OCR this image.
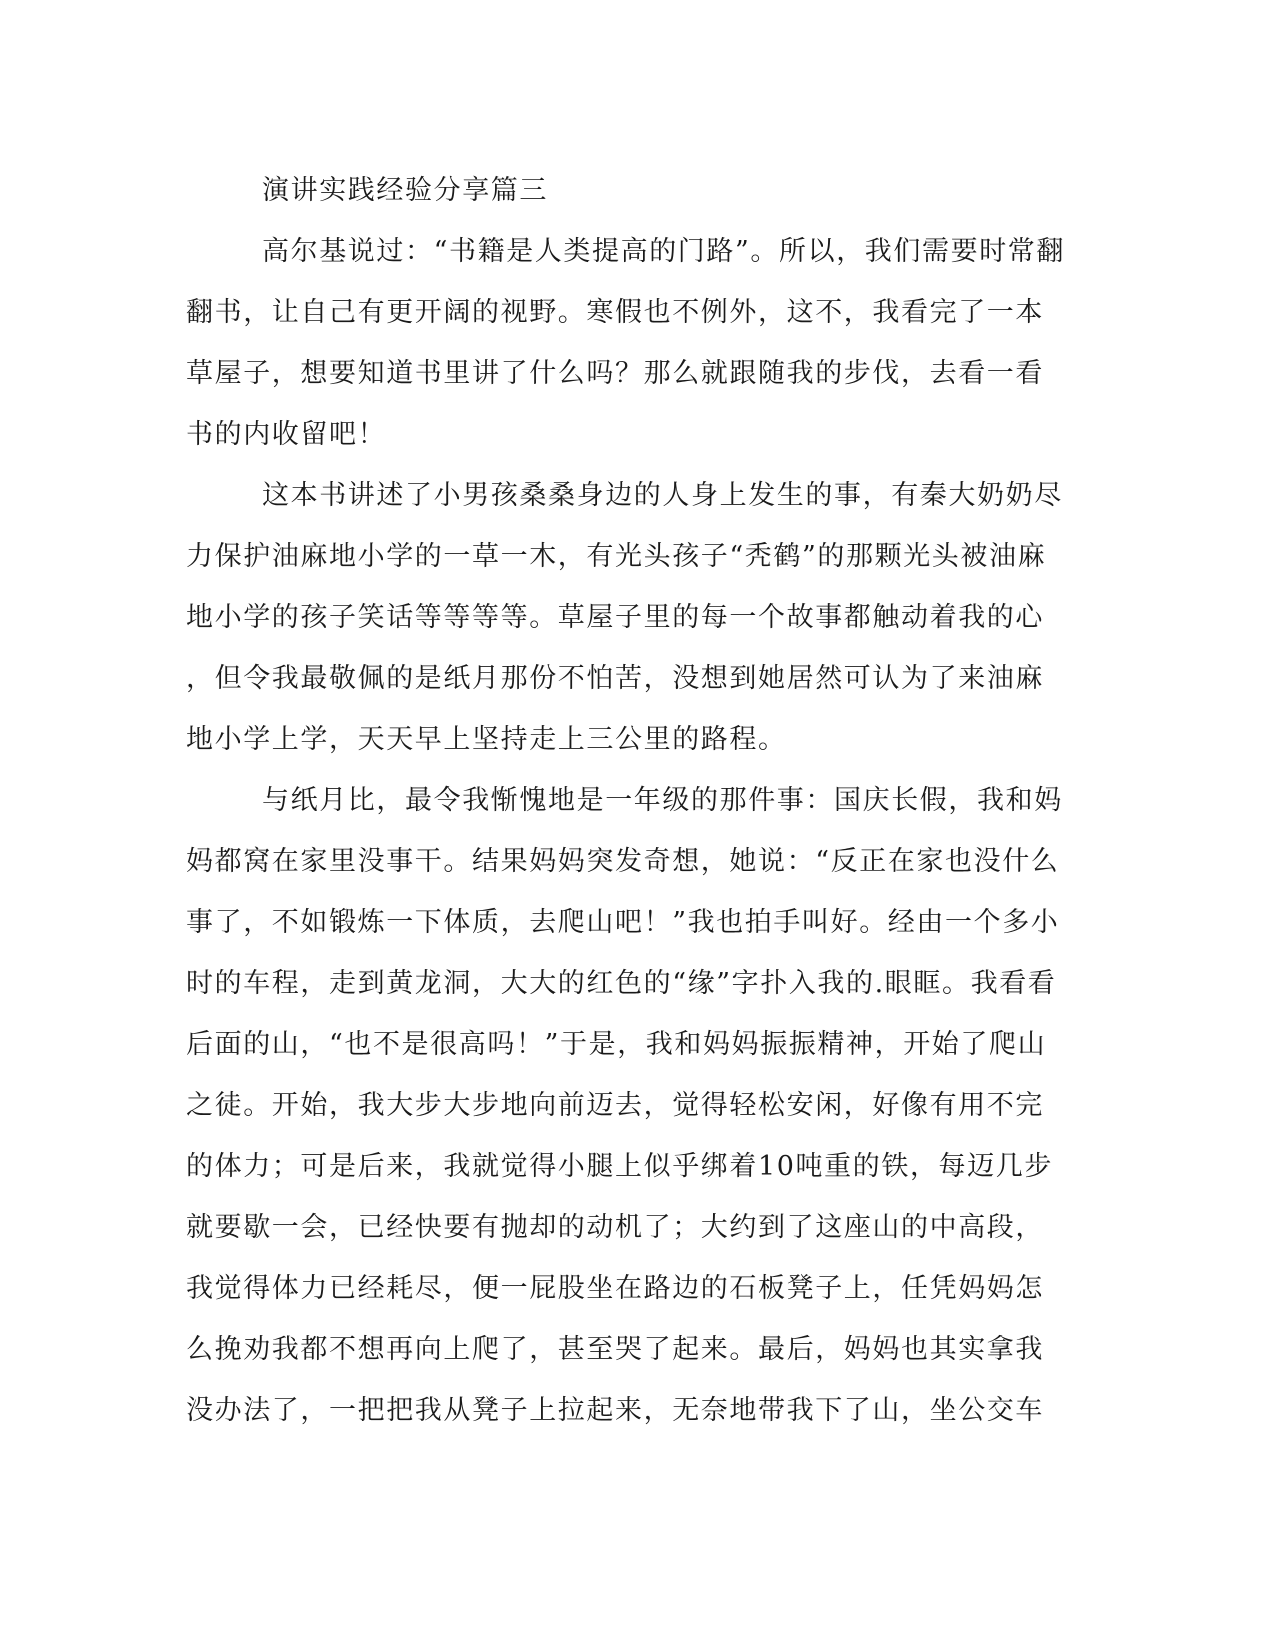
演讲实践经验分享篇三
高尔基说过：“书籍是人类提高的门路”。所以，我们需要时常翻
翻书，让自己有更开阔的视野。寒假也不例外，这不，我看完了一本
草屋子，想要知道书里讲了什么吗？那么就跟随我的步伐，去看一看
书的内收留吧！
这本书讲述了小男孩桑桑身边的人身上发生的事，有秦大奶奶尽
力保护油麻地小学的一草一木，有光头孩子“秃鹤”的那颗光头被油麻
地小学的孩子笑话等等等等。草屋子里的每一个故事都触动着我的心
，但令我最敬佩的是纸月那份不怕苦，没想到她居然可认为了来油麻
地小学上学，天天早上坚持走上三公里的路程。
与纸月比，最令我惭愧地是一年级的那件事：国庆长假，我和妈
妈都窝在家里没事干。结果妈妈突发奇想，她说：“反正在家也没什么
事了，不如锻炼一下体质，去爬山吧！”我也拍手叫好。经由一个多小
时的车程，走到黄龙洞，大大的红色的“缘”字扑入我的.眼眶。我看看
后面的山，“也不是很高吗！”于是，我和妈妈振振精神，开始了爬山
之徒。开始，我大步大步地向前迈去，觉得轻松安闲，好像有用不完
的体力；可是后来，我就觉得小腿上似乎绑着10吨重的铁，每迈几步
就要歇一会，已经快要有抛却的动机了；大约到了这座山的中高段，
我觉得体力已经耗尽，便一屁股坐在路边的石板凳子上，任凭妈妈怎
么挽劝我都不想再向上爬了，甚至哭了起来。最后，妈妈也其实拿我
没办法了，一把把我从凳子上拉起来，无奈地带我下了山，坐公交车
